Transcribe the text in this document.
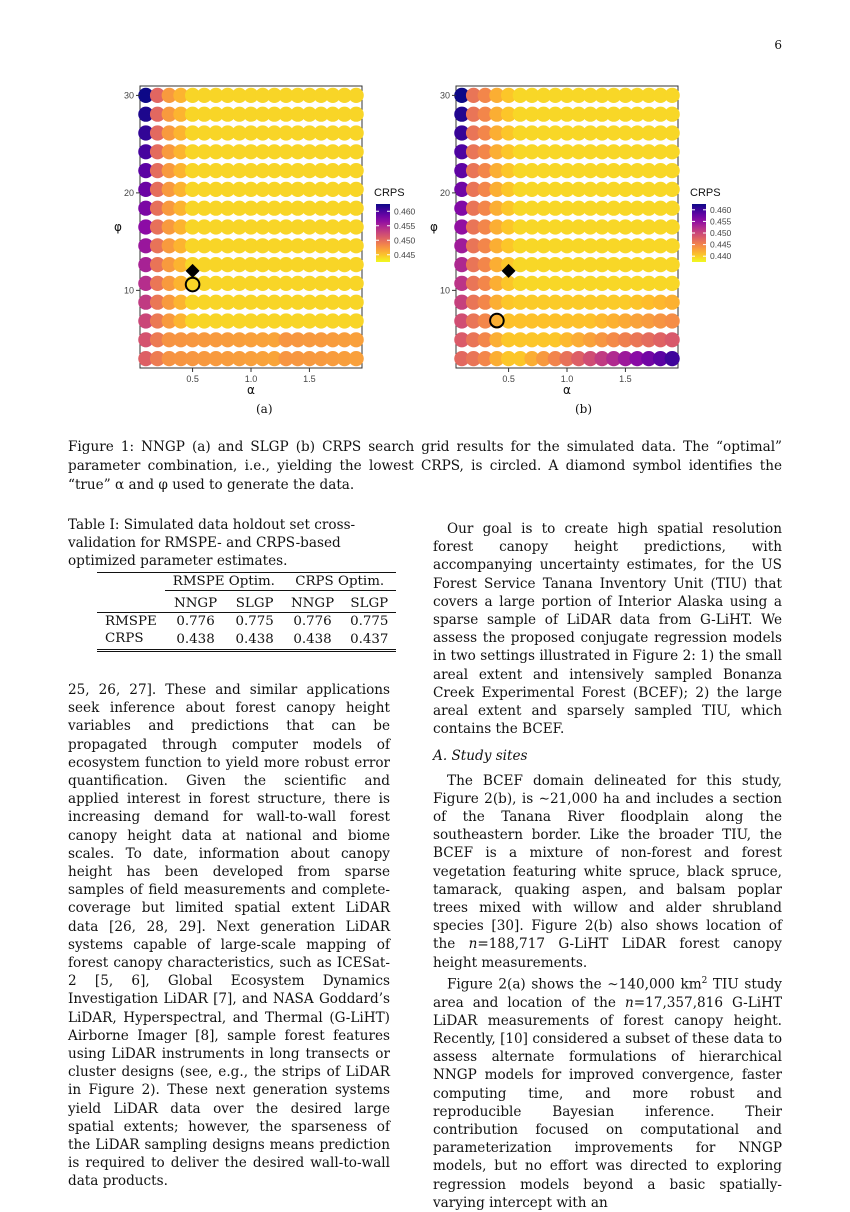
6
0.5	1.0	1.5
10
20
30
α
φ
CRPS
0.460
0.455
0.450
0.445
(a)
0.5	1.0	1.5
10
20
30
α
φ
CRPS
0.460
0.455
0.450
0.445
0.440
(b)
Figure 1: NNGP (a) and SLGP (b) CRPS search grid results for the simulated data. The “optimal” parameter combination, i.e., yielding the lowest CRPS, is circled. A diamond symbol identifies the “true” α and φ used to generate the data.
Table I: Simulated data holdout set cross-validation for RMSPE- and CRPS-based optimized parameter estimates.
	RMSPE Optim.		CRPS Optim.	
	NNGP	SLGP	NNGP	SLGP
RMSPE	0.776	0.775	0.776	0.775
CRPS	0.438	0.438	0.438	0.437

25, 26, 27]. These and similar applications seek inference about forest canopy height variables and predictions that can be propagated through computer models of ecosystem function to yield more robust error quantification. Given the scientific and applied interest in forest structure, there is increasing demand for wall-to-wall forest canopy height data at national and biome scales. To date, information about canopy height has been developed from sparse samples of field measurements and complete-coverage but limited spatial extent LiDAR data [26, 28, 29]. Next generation LiDAR systems capable of large-scale mapping of forest canopy characteristics, such as ICESat-2 [5, 6], Global Ecosystem Dynamics Investigation LiDAR [7], and NASA Goddard’s LiDAR, Hyperspectral, and Thermal (G-LiHT) Airborne Imager [8], sample forest features using LiDAR instruments in long transects or cluster designs (see, e.g., the strips of LiDAR in Figure 2). These next generation systems yield LiDAR data over the desired large spatial extents; however, the sparseness of the LiDAR sampling designs means prediction is required to deliver the desired wall-to-wall data products.

Our goal is to create high spatial resolution forest canopy height predictions, with accompanying uncertainty estimates, for the US Forest Service Tanana Inventory Unit (TIU) that covers a large portion of Interior Alaska using a sparse sample of LiDAR data from G-LiHT. We assess the proposed conjugate regression models in two settings illustrated in Figure 2: 1) the small areal extent and intensively sampled Bonanza Creek Experimental Forest (BCEF); 2) the large areal extent and sparsely sampled TIU, which contains the BCEF.

A. Study sites

The BCEF domain delineated for this study, Figure 2(b), is ∼21,000 ha and includes a section of the Tanana River floodplain along the southeastern border. Like the broader TIU, the BCEF is a mixture of non-forest and forest vegetation featuring white spruce, black spruce, tamarack, quaking aspen, and balsam poplar trees mixed with willow and alder shrubland species [30]. Figure 2(b) also shows location of the n=188,717 G-LiHT LiDAR forest canopy height measurements.

Figure 2(a) shows the ∼140,000 $km^2$ TIU study area and location of the n=17,357,816 G-LiHT LiDAR measurements of forest canopy height. Recently, [10] considered a subset of these data to assess alternate formulations of hierarchical NNGP models for improved convergence, faster computing time, and more robust and reproducible Bayesian inference. Their contribution focused on computational and parameterization improvements for NNGP models, but no effort was directed to exploring regression models beyond a basic spatially-varying intercept with an
